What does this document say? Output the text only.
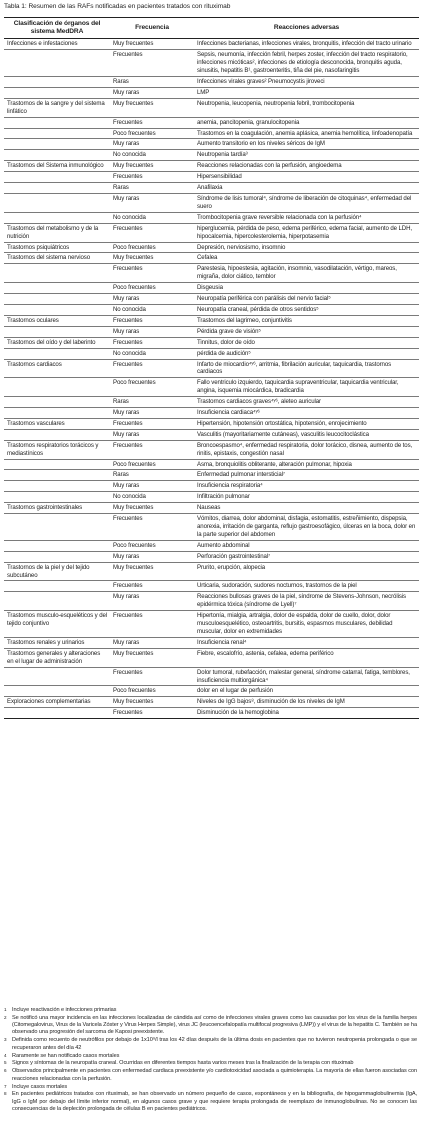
Tabla 1: Resumen de las RAFs notificadas en pacientes tratados con rituximab
Clasificación de órganos del sistema MedDRA	Frecuencia	Reacciones adversas
Infecciones e infestaciones	Muy frecuentes	Infecciones bacterianas, infecciones virales, bronquitis, infección del tracto urinario
	Frecuentes	Sepsis, neumonía, infección febril, herpes zoster, infección del tracto respiratorio, infecciones micóticas², infecciones de etiología desconocida, bronquitis aguda, sinusitis, hepatitis B¹, gastroenteritis, tiña del pie, nasofaringitis
	Raras	Infecciones virales graves² Pneumocystis jiroveci
	Muy raras	LMP
Trastornos de la sangre y del sistema linfático	Muy frecuentes	Neutropenia, leucopenia, neutropenia febril, trombocitopenia
	Frecuentes	anemia, pancitopenia, granulocitopenia
	Poco frecuentes	Trastornos en la coagulación, anemia aplásica, anemia hemolítica, linfoadenopatía
	Muy raras	Aumento transitorio en los niveles séricos de IgM
	No conocida	Neutropenia tardía³
Trastornos del Sistema inmunológico	Muy frecuentes	Reacciones relacionadas con la perfusión, angioedema
	Frecuentes	Hipersensibilidad
	Raras	Anafilaxia
	Muy raras	Síndrome de lisis tumoral⁴, síndrome de liberación de citoquinas⁴, enfermedad del suero
	No conocida	Trombocitopenia grave reversible relacionada con la perfusión⁴
Trastornos del metabolismo y de la nutrición	Frecuentes	hiperglucemia, pérdida de peso, edema periférico, edema facial, aumento de LDH, hipocalcemia, hipercolesterolemia, hiperpotasemia
Trastornos psiquiátricos	Poco frecuentes	Depresión, nerviosismo, insomnio
Trastornos del sistema nervioso	Muy frecuentes	Cefalea
	Frecuentes	Parestesia, hipoestesia, agitación, insomnio, vasodilatación, vértigo, mareos, migraña, dolor ciático, temblor
	Poco frecuentes	Disgeusia
	Muy raras	Neuropatía periférica con parálisis del nervio facial⁵
	No conocida	Neuropatía craneal, pérdida de otros sentidos⁵
Trastornos oculares	Frecuentes	Trastornos del lagrimeo, conjuntivitis
	Muy raras	Pérdida grave de visión⁵
Trastornos del oído y del laberinto	Frecuentes	Tinnitus, dolor de oído
	No conocida	pérdida de audición⁵
Trastornos cardiacos	Frecuentes	Infarto de miocardio⁴ʸ⁶, arritmia, fibrilación auricular, taquicardia, trastornos cardiacos
	Poco frecuentes	Fallo ventriculo izquierdo, taquicardia supraventricular, taquicardia ventricular, angina, isquemia miocárdica, bradicardia
	Raras	Trastornos cardiacos graves⁴ʸ⁶, aleteo auricular
	Muy raras	Insuficiencia cardiaca⁴ʸ⁶
Trastornos vasculares	Frecuentes	Hipertensión, hipotensión ortostática, hipotensión, enrojecimiento
	Muy raras	Vasculitis (mayoritariamente cutáneas), vasculitis leucocitoclástica
Trastornos respiratorios torácicos y mediastínicos	Frecuentes	Broncoespasmo⁴, enfermedad respiratoria, dolor torácico, disnea, aumento de tos, rinitis, epistaxis, congestión nasal
	Poco frecuentes	Asma, bronquiolitis obliterante, alteración pulmonar, hipoxia
	Raras	Enfermedad pulmonar intersticial⁷
	Muy raras	Insuficiencia respiratoria⁴
	No conocida	Infiltración pulmonar
Trastornos gastrointestinales	Muy frecuentes	Nauseas
	Frecuentes	Vómitos, diarrea, dolor abdominal, disfagia, estomatitis, estreñimiento, dispepsia, anorexia, irritación de garganta, reflujo gastroesofágico, úlceras en la boca, dolor en la parte superior del abdomen
	Poco frecuentes	Aumento abdominal
	Muy raras	Perforación gastrointestinal⁷
Trastornos de la piel y del tejido subcutáneo	Muy frecuentes	Prurito, erupción, alopecia
	Frecuentes	Urticaria, sudoración, sudores nocturnos, trastornos de la piel
	Muy raras	Reacciones bullosas graves de la piel, síndrome de Stevens-Johnson, necrólisis epidérmica tóxica (síndrome de Lyell)⁷
Trastornos musculo-esqueléticos y del tejido conjuntivo	Frecuentes	Hipertonía, mialgia, artralgia, dolor de espalda, dolor de cuello, dolor, dolor musculoesquelético, osteoartritis, bursitis, espasmos musculares, debilidad muscular, dolor en extremidades
Trastornos renales y urinarios	Muy raras	Insuficiencia renal⁴
Trastornos generales y alteraciones en el lugar de administración	Muy frecuentes	Fiebre, escalofrío, astenia, cefalea, edema periférico
	Frecuentes	Dolor tumoral, rubefacción, malestar general, síndrome catarral, fatiga, temblores, insuficiencia multiorgánica⁴
	Poco frecuentes	dolor en el lugar de perfusión
Exploraciones complementarias	Muy frecuentes	Niveles de IgG bajos⁸, disminución de los niveles de IgM
	Frecuentes	Disminución de la hemoglobina
1 Incluye reactivación e infecciones primarias
2 Se notificó una mayor incidencia en las infecciones localizadas de cándida así como de infecciones virales graves como las causadas por los virus de la familia herpes (Citomegalovirus, Virus de la Varicela Zóster y Virus Herpes Simple), virus JC (leucoencefalopatía multifocal progresiva (LMP)) y el virus de la hepatitis C. También se ha observado una progresión del sarcoma de Kaposi preexistente.
3 Definida como recuento de neutrófilos por debajo de 1x10⁹/l tras los 42 días después de la última dosis en pacientes que no tuvieron neutropenia prolongada o que se recuperaron antes del día 42
4 Raramente se han notificado casos mortales
5 Signos y síntomas de la neuropatía craneal. Ocurridas en diferentes tiempos hasta varios meses tras la finalización de la terapia con rituximab
6 Observados principalmente en pacientes con enfermedad cardiaca preexistente y/o cardiotoxicidad asociada a quimioterapia. La mayoría de ellas fueron asociadas con reacciones relacionadas con la perfusión.
7 Incluye casos mortales
8 En pacientes pediátricos tratados con rituximab, se han observado un número pequeño de casos, espontáneos y en la bibliografía, de hipogammaglobulinemia (IgA, IgG o IgM por debajo del límite inferior normal), en algunos casos grave y que requiere terapia prolongada de reemplazo de inmunoglobulinas. No se conocen las consecuencias de la depleción prolongada de células B en pacientes pediátricos.
